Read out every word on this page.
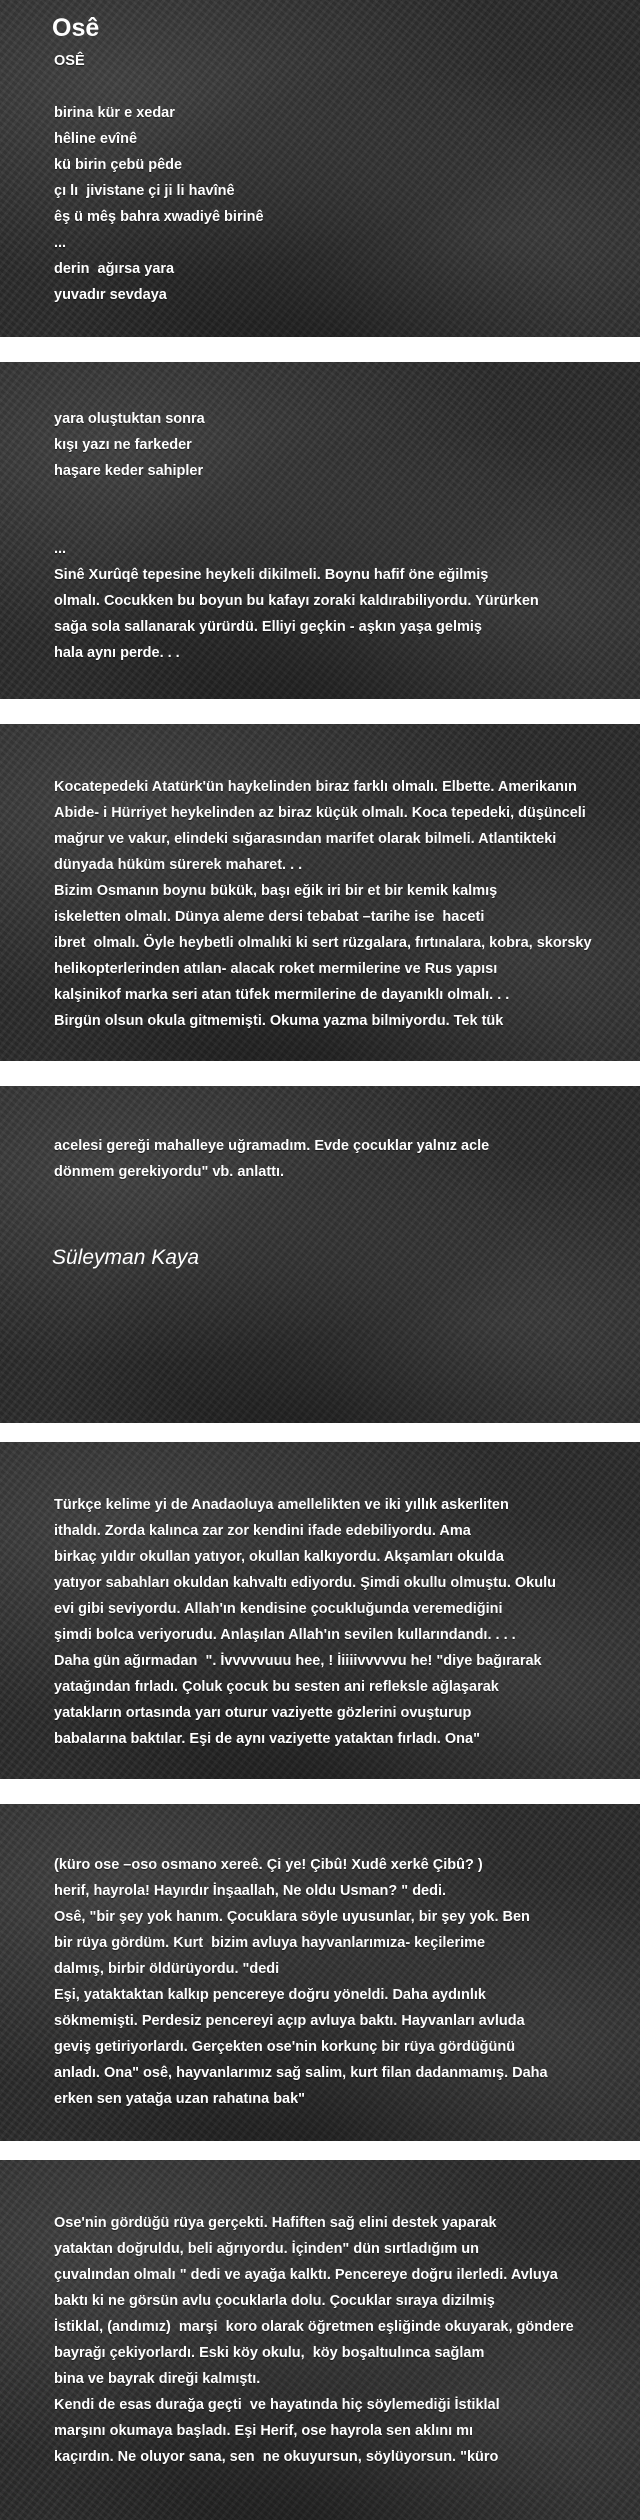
Osê

OSÊ

birina kür e xedar
hêline evînê
kü birin çebü pêde
çı lı  jivistane çi ji li havînê
êş ü mêş bahra xwadiyê birinê
...
derin  ağırsa yara
yuvadır sevdaya

yara oluştuktan sonra
kışı yazı ne farkeder
haşare keder sahipler

...
Sinê Xurûqê tepesine heykeli dikilmeli. Boynu hafif öne eğilmiş
olmalı. Cocukken bu boyun bu kafayı zoraki kaldırabiliyordu. Yürürken
sağa sola sallanarak yürürdü. Elliyi geçkin - aşkın yaşa gelmiş
hala aynı perde. . .

Kocatepedeki Atatürk'ün haykelinden biraz farklı olmalı. Elbette. Amerikanın
Abide- i Hürriyet heykelinden az biraz küçük olmalı. Koca tepedeki, düşünceli
mağrur ve vakur, elindeki sığarasından marifet olarak bilmeli. Atlantikteki
dünyada hüküm sürerek maharet. . .
Bizim Osmanın boynu bükük, başı eğik iri bir et bir kemik kalmış
iskeletten olmalı. Dünya aleme dersi tebabat –tarihe ise  haceti
ibret  olmalı. Öyle heybetli olmalıki ki sert rüzgalara, fırtınalara, kobra, skorsky
helikopterlerinden atılan- alacak roket mermilerine ve Rus yapısı
kalşinikof marka seri atan tüfek mermilerine de dayanıklı olmalı. . .
Birgün olsun okula gitmemişti. Okuma yazma bilmiyordu. Tek tük

acelesi gereği mahalleye uğramadım. Evde çocuklar yalnız acle
dönmem gerekiyordu" vb. anlattı.

Süleyman Kaya

Türkçe kelime yi de Anadaoluya amellelikten ve iki yıllık askerliten
ithaldı. Zorda kalınca zar zor kendini ifade edebiliyordu. Ama
birkaç yıldır okullan yatıyor, okullan kalkıyordu. Akşamları okulda
yatıyor sabahları okuldan kahvaltı ediyordu. Şimdi okullu olmuştu. Okulu
evi gibi seviyordu. Allah'ın kendisine çocukluğunda veremediğini
şimdi bolca veriyorudu. Anlaşılan Allah'ın sevilen kullarındandı. . . .
Daha gün ağırmadan  ". İvvvvvuuu hee, ! İiiiivvvvvu he! "diye bağırarak
yatağından fırladı. Çoluk çocuk bu sesten ani refleksle ağlaşarak
yatakların ortasında yarı oturur vaziyette gözlerini ovuşturup
babalarına baktılar. Eşi de aynı vaziyette yataktan fırladı. Ona"

(küro ose –oso osmano xereê. Çi ye! Çibû! Xudê xerkê Çibû? )
herif, hayrola! Hayırdır İnşaallah, Ne oldu Usman? " dedi.
Osê, "bir şey yok hanım. Çocuklara söyle uyusunlar, bir şey yok. Ben
bir rüya gördüm. Kurt  bizim avluya hayvanlarımıza- keçilerime
dalmış, birbir öldürüyordu. "dedi
Eşi, yataktaktan kalkıp pencereye doğru yöneldi. Daha aydınlık
sökmemişti. Perdesiz pencereyi açıp avluya baktı. Hayvanları avluda
geviş getiriyorlardı. Gerçekten ose'nin korkunç bir rüya gördüğünü
anladı. Ona" osê, hayvanlarımız sağ salim, kurt filan dadanmamış. Daha
erken sen yatağa uzan rahatına bak"

Ose'nin gördüğü rüya gerçekti. Hafiften sağ elini destek yaparak
yataktan doğruldu, beli ağrıyordu. İçinden" dün sırtladığım un
çuvalından olmalı " dedi ve ayağa kalktı. Pencereye doğru ilerledi. Avluya
baktı ki ne görsün avlu çocuklarla dolu. Çocuklar sıraya dizilmiş
İstiklal, (andımız)  marşi  koro olarak öğretmen eşliğinde okuyarak, göndere
bayrağı çekiyorlardı. Eski köy okulu,  köy boşaltıulınca sağlam
bina ve bayrak direği kalmıştı.
Kendi de esas durağa geçti  ve hayatında hiç söylemediği İstiklal
marşını okumaya başladı. Eşi Herif, ose hayrola sen aklını mı
kaçırdın. Ne oluyor sana, sen  ne okuyursun, söylüyorsun. "küro
